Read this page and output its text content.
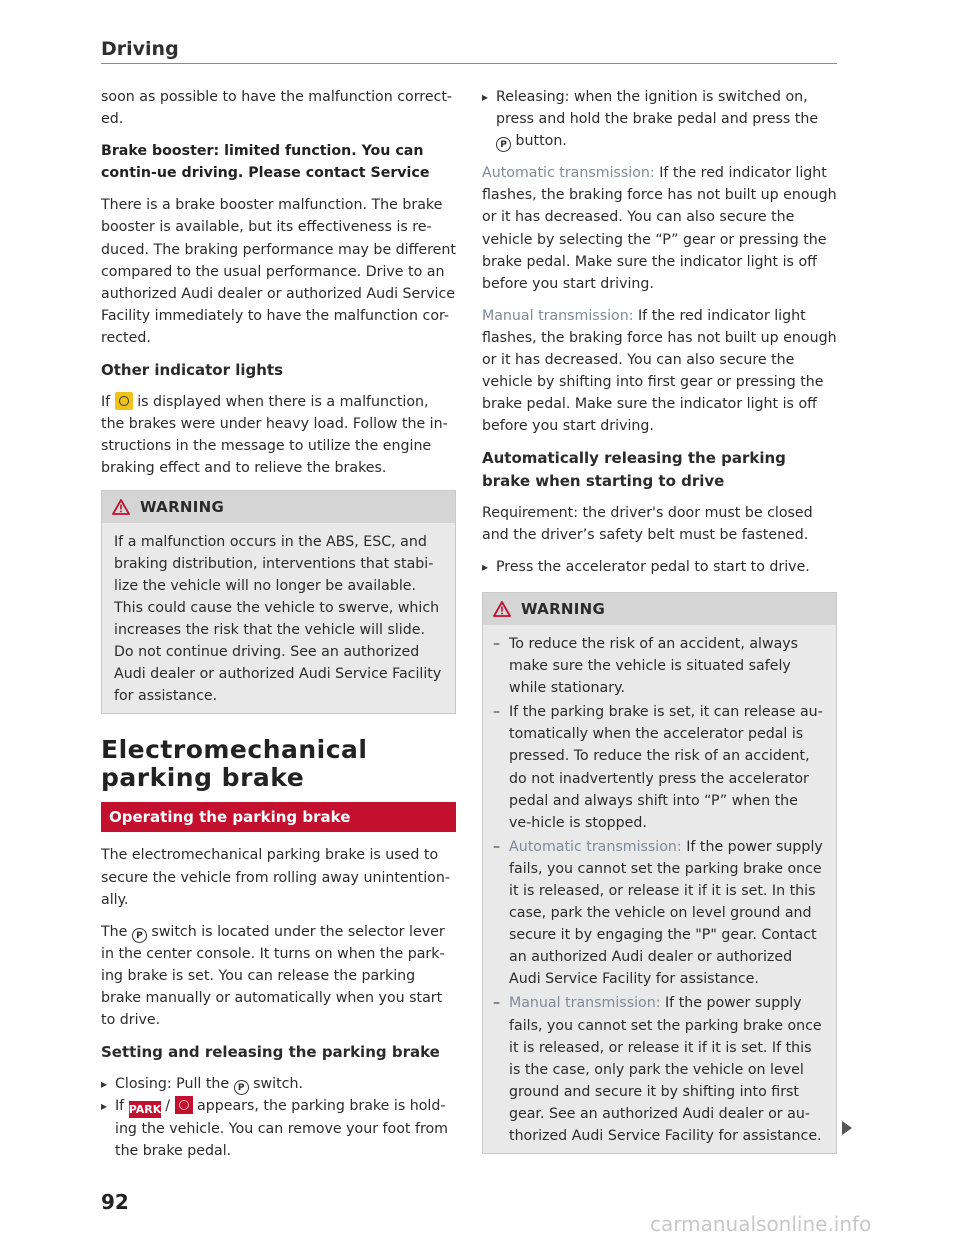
Driving

soon as possible to have the malfunction correct-ed.

Brake booster: limited function. You can contin-ue driving. Please contact Service

There is a brake booster malfunction. The brake booster is available, but its effectiveness is re-duced. The braking performance may be different compared to the usual performance. Drive to an authorized Audi dealer or authorized Audi Service Facility immediately to have the malfunction cor-rected.

Other indicator lights

If is displayed when there is a malfunction, the brakes were under heavy load. Follow the in-structions in the message to utilize the engine braking effect and to relieve the brakes.

WARNING

If a malfunction occurs in the ABS, ESC, and braking distribution, interventions that stabi-lize the vehicle will no longer be available. This could cause the vehicle to swerve, which increases the risk that the vehicle will slide. Do not continue driving. See an authorized Audi dealer or authorized Audi Service Facility for assistance.

Electromechanical parking brake
Operating the parking brake

The electromechanical parking brake is used to secure the vehicle from rolling away unintention-ally.

The P switch is located under the selector lever in the center console. It turns on when the park-ing brake is set. You can release the parking brake manually or automatically when you start to drive.

Setting and releasing the parking brake

▸ Closing: Pull the P switch.

▸ If PARK / appears, the parking brake is hold-ing the vehicle. You can remove your foot from the brake pedal.

▸ Releasing: when the ignition is switched on, press and hold the brake pedal and press the P button.

Automatic transmission: If the red indicator light flashes, the braking force has not built up enough or it has decreased. You can also secure the vehicle by selecting the “P” gear or pressing the brake pedal. Make sure the indicator light is off before you start driving.

Manual transmission: If the red indicator light flashes, the braking force has not built up enough or it has decreased. You can also secure the vehicle by shifting into first gear or pressing the brake pedal. Make sure the indicator light is off before you start driving.

Automatically releasing the parking brake when starting to drive

Requirement: the driver's door must be closed and the driver’s safety belt must be fastened.

▸ Press the accelerator pedal to start to drive.

WARNING

– To reduce the risk of an accident, always make sure the vehicle is situated safely while stationary.

– If the parking brake is set, it can release au-tomatically when the accelerator pedal is pressed. To reduce the risk of an accident, do not inadvertently press the accelerator pedal and always shift into “P” when the ve-hicle is stopped.

– Automatic transmission: If the power supply fails, you cannot set the parking brake once it is released, or release it if it is set. In this case, park the vehicle on level ground and secure it by engaging the "P" gear. Contact an authorized Audi dealer or authorized Audi Service Facility for assistance.

– Manual transmission: If the power supply fails, you cannot set the parking brake once it is released, or release it if it is set. If this is the case, only park the vehicle on level ground and secure it by shifting into first gear. See an authorized Audi dealer or au-thorized Audi Service Facility for assistance.

92
carmanualsonline.info
